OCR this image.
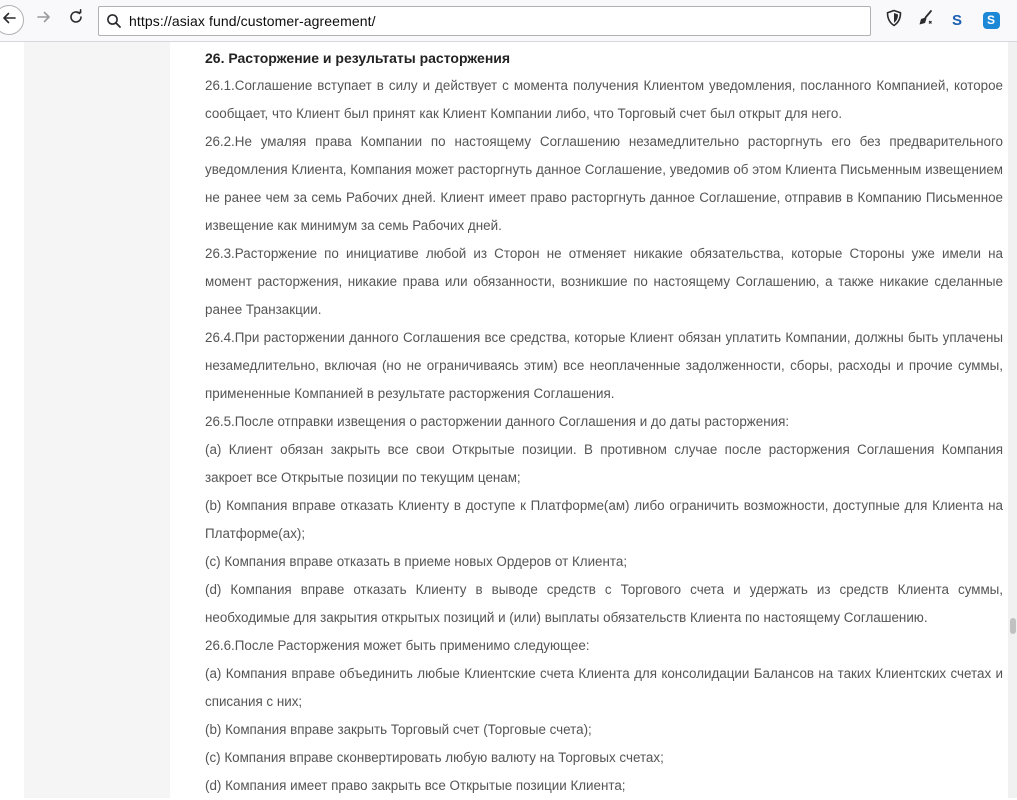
26. Расторжение и результаты расторжения

26.1.Соглашение вступает в силу и действует с момента получения Клиентом уведомления, посланного Компанией, которое сообщает, что Клиент был принят как Клиент Компании либо, что Торговый счет был открыт для него.

26.2.Не умаляя права Компании по настоящему Соглашению незамедлительно расторгнуть его без предварительного уведомления Клиента, Компания может расторгнуть данное Соглашение, уведомив об этом Клиента Письменным извещением не ранее чем за семь Рабочих дней. Клиент имеет право расторгнуть данное Соглашение, отправив в Компанию Письменное извещение как минимум за семь Рабочих дней.

26.3.Расторжение по инициативе любой из Сторон не отменяет никакие обязательства, которые Стороны уже имели на момент расторжения, никакие права или обязанности, возникшие по настоящему Соглашению, а также никакие сделанные ранее Транзакции.

26.4.При расторжении данного Соглашения все средства, которые Клиент обязан уплатить Компании, должны быть уплачены незамедлительно, включая (но не ограничиваясь этим) все неоплаченные задолженности, сборы, расходы и прочие суммы, примененные Компанией в результате расторжения Соглашения.

26.5.После отправки извещения о расторжении данного Соглашения и до даты расторжения:

(a) Клиент обязан закрыть все свои Открытые позиции. В противном случае после расторжения Соглашения Компания закроет все Открытые позиции по текущим ценам;

(b) Компания вправе отказать Клиенту в доступе к Платформе(ам) либо ограничить возможности, доступные для Клиента на Платформе(ах);

(c) Компания вправе отказать в приеме новых Ордеров от Клиента;

(d) Компания вправе отказать Клиенту в выводе средств с Торгового счета и удержать из средств Клиента суммы, необходимые для закрытия открытых позиций и (или) выплаты обязательств Клиента по настоящему Соглашению.

26.6.После Расторжения может быть применимо следующее:

(a) Компания вправе объединить любые Клиентские счета Клиента для консолидации Балансов на таких Клиентских счетах и списания с них;

(b) Компания вправе закрыть Торговый счет (Торговые счета);

(c) Компания вправе сконвертировать любую валюту на Торговых счетах;

(d) Компания имеет право закрыть все Открытые позиции Клиента;

https://asiax fund/customer-agreement/	S	S
